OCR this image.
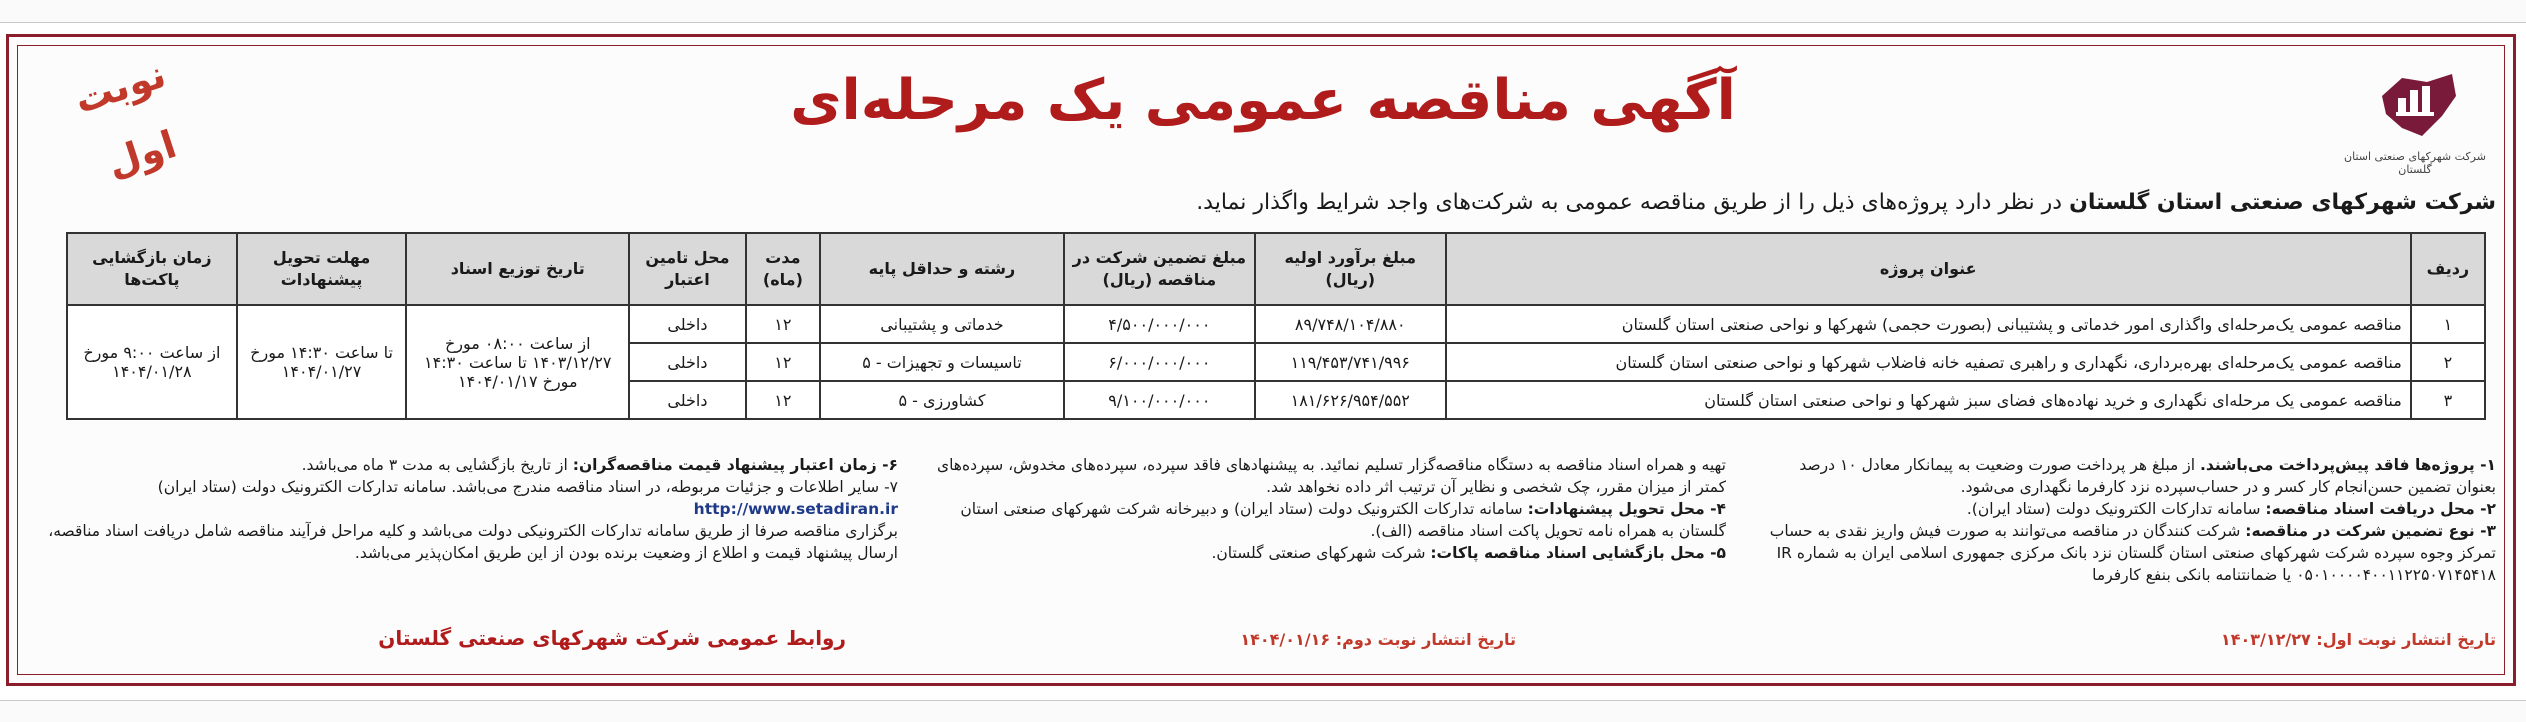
نوبت اول
آگهی مناقصه عمومی یک مرحله‌ای
شرکت شهرکهای صنعتی استان گلستان
شرکت شهرکهای صنعتی استان گلستان در نظر دارد پروژه‌های ذیل را از طریق مناقصه عمومی به شرکت‌های واجد شرایط واگذار نماید.
ردیف	عنوان پروژه	مبلغ برآورد اولیه (ریال)	مبلغ تضمین شرکت در مناقصه (ریال)	رشته و حداقل پایه	مدت (ماه)	محل تامین اعتبار	تاریخ توزیع اسناد	مهلت تحویل پیشنهادات	زمان بازگشایی پاکت‌ها
۱	مناقصه عمومی یک‌مرحله‌ای واگذاری امور خدماتی و پشتیبانی (بصورت حجمی) شهرکها و نواحی صنعتی استان گلستان	۸۹/۷۴۸/۱۰۴/۸۸۰	۴/۵۰۰/۰۰۰/۰۰۰	خدماتی و پشتیبانی	۱۲	داخلی	از ساعت ۰۸:۰۰ مورخ ۱۴۰۳/۱۲/۲۷ تا ساعت ۱۴:۳۰ مورخ ۱۴۰۴/۰۱/۱۷	تا ساعت ۱۴:۳۰ مورخ ۱۴۰۴/۰۱/۲۷	از ساعت ۹:۰۰ مورخ ۱۴۰۴/۰۱/۲۸
۲	مناقصه عمومی یک‌مرحله‌ای بهره‌برداری، نگهداری و راهبری تصفیه خانه فاضلاب شهرکها و نواحی صنعتی استان گلستان	۱۱۹/۴۵۳/۷۴۱/۹۹۶	۶/۰۰۰/۰۰۰/۰۰۰	تاسیسات و تجهیزات - ۵	۱۲	داخلی			
۳	مناقصه عمومی یک مرحله‌ای نگهداری و خرید نهاده‌های فضای سبز شهرکها و نواحی صنعتی استان گلستان	۱۸۱/۶۲۶/۹۵۴/۵۵۲	۹/۱۰۰/۰۰۰/۰۰۰	کشاورزی - ۵	۱۲	داخلی			
۱- پروژه‌ها فاقد پیش‌پرداخت می‌باشند. از مبلغ هر پرداخت صورت وضعیت به پیمانکار معادل ۱۰ درصد بعنوان تضمین حسن‌انجام کار کسر و در حساب‌سپرده نزد کارفرما نگهداری می‌شود.
۲- محل دریافت اسناد مناقصه: سامانه تدارکات الکترونیک دولت (ستاد ایران).
۳- نوع تضمین شرکت در مناقصه: شرکت کنندگان در مناقصه می‌توانند به صورت فیش واریز نقدی به حساب تمرکز وجوه سپرده شرکت شهرکهای صنعتی استان گلستان نزد بانک مرکزی جمهوری اسلامی ایران به شماره IR ۰۵۰۱۰۰۰۰۴۰۰۱۱۲۲۵۰۷۱۴۵۴۱۸ یا ضمانتنامه بانکی بنفع کارفرما
تهیه و همراه اسناد مناقصه به دستگاه مناقصه‌گزار تسلیم نمائید. به پیشنهادهای فاقد سپرده، سپرده‌های مخدوش، سپرده‌های کمتر از میزان مقرر، چک شخصی و نظایر آن ترتیب اثر داده نخواهد شد.
۴- محل تحویل پیشنهادات: سامانه تدارکات الکترونیک دولت (ستاد ایران) و دبیرخانه شرکت شهرکهای صنعتی استان گلستان به همراه نامه تحویل پاکت اسناد مناقصه (الف).
۵- محل بازگشایی اسناد مناقصه پاکات: شرکت شهرکهای صنعتی گلستان.
۶- زمان اعتبار پیشنهاد قیمت مناقصه‌گران: از تاریخ بازگشایی به مدت ۳ ماه می‌باشد.
۷- سایر اطلاعات و جزئیات مربوطه، در اسناد مناقصه مندرج می‌باشد. سامانه تدارکات الکترونیک دولت (ستاد ایران) http://www.setadiran.ir
برگزاری مناقصه صرفا از طریق سامانه تدارکات الکترونیکی دولت می‌باشد و کلیه مراحل فرآیند مناقصه شامل دریافت اسناد مناقصه، ارسال پیشنهاد قیمت و اطلاع از وضعیت برنده بودن از این طریق امکان‌پذیر می‌باشد.
تاریخ انتشار نوبت اول: ۱۴۰۳/۱۲/۲۷
تاریخ انتشار نوبت دوم: ۱۴۰۴/۰۱/۱۶
روابط عمومی شرکت شهرکهای صنعتی گلستان
